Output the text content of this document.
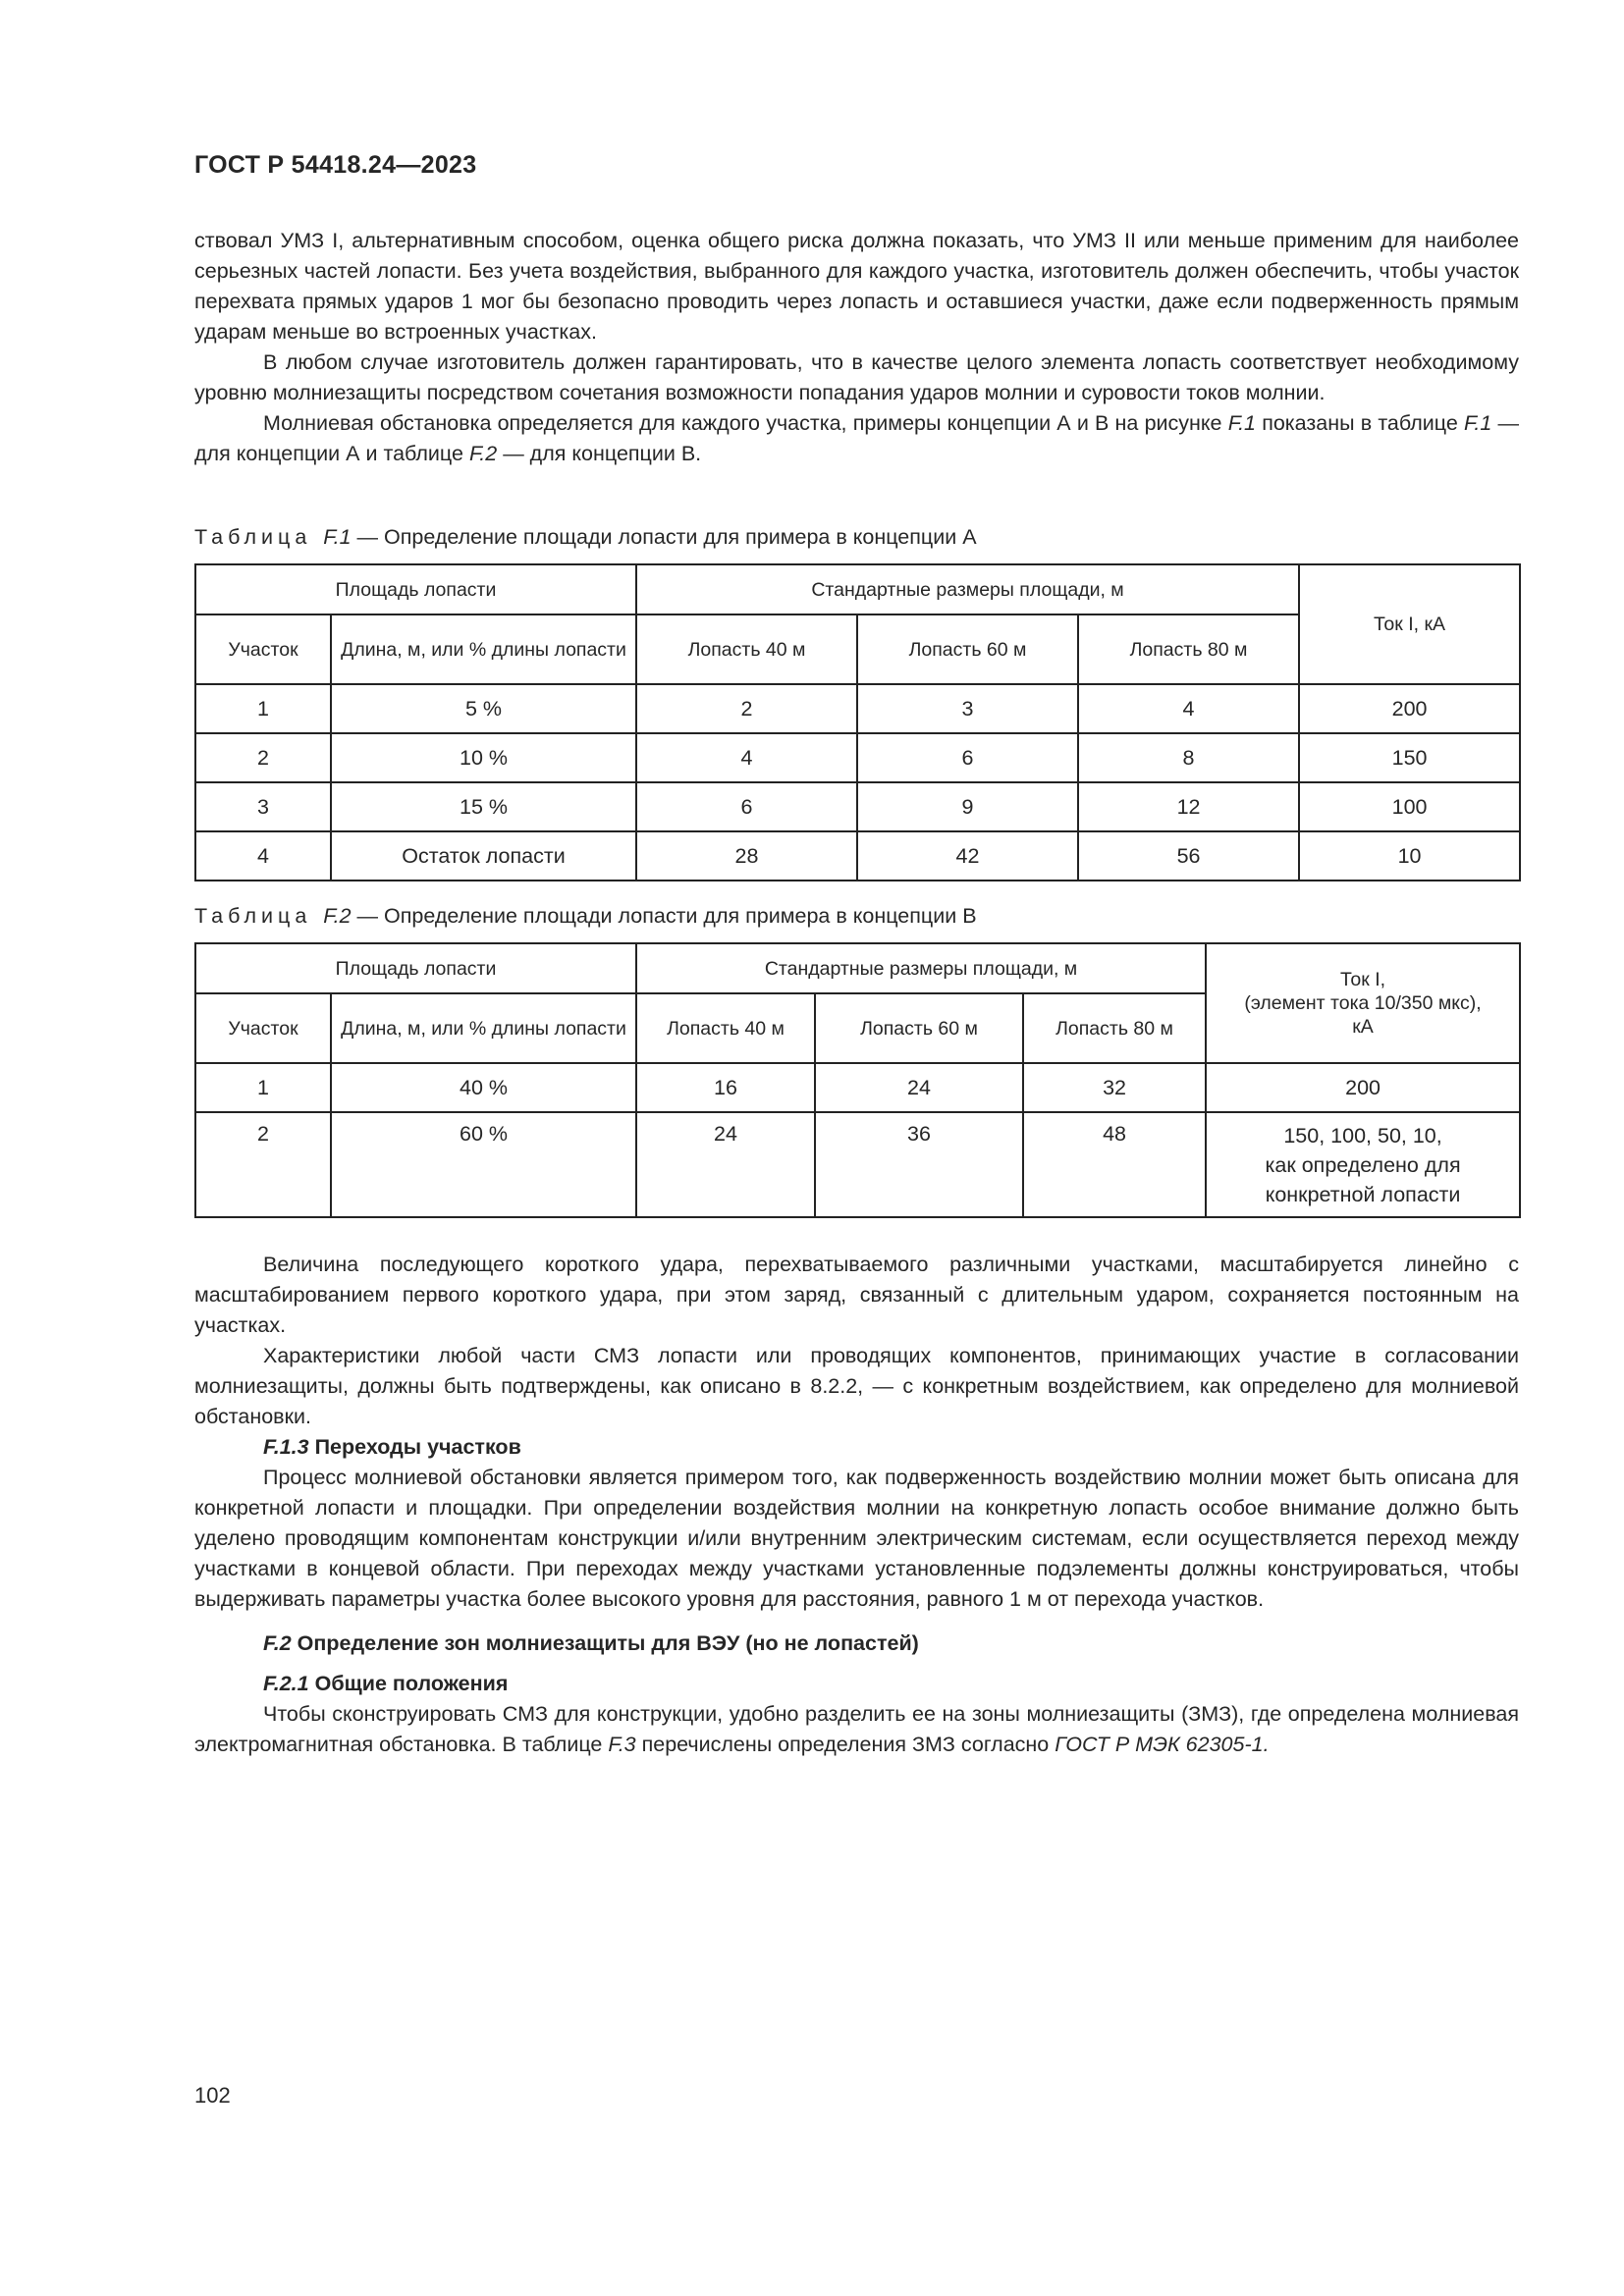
ГОСТ Р 54418.24—2023

ствовал УМЗ I, альтернативным способом, оценка общего риска должна показать, что УМЗ II или меньше применим для наиболее серьезных частей лопасти. Без учета воздействия, выбранного для каждого участка, изготовитель должен обеспечить, чтобы участок перехвата прямых ударов 1 мог бы безопасно проводить через лопасть и оставшиеся участки, даже если подверженность прямым ударам меньше во встроенных участках.

В любом случае изготовитель должен гарантировать, что в качестве целого элемента лопасть соответствует необходимому уровню молниезащиты посредством сочетания возможности попадания ударов молнии и суровости токов молнии.

Молниевая обстановка определяется для каждого участка, примеры концепции А и В на рисунке F.1 показаны в таблице F.1 — для концепции А и таблице F.2 — для концепции В.

Таблица F.1 — Определение площади лопасти для примера в концепции А
Площадь лопасти		Стандартные размеры площади, м			Ток I, кА
Участок	Длина, м, или % длины лопасти	Лопасть 40 м	Лопасть 60 м	Лопасть 80 м	
1	5 %	2	3	4	200
2	10 %	4	6	8	150
3	15 %	6	9	12	100
4	Остаток лопасти	28	42	56	10
Таблица F.2 — Определение площади лопасти для примера в концепции В
Площадь лопасти		Стандартные размеры площади, м			Ток I,
(элемент тока 10/350 мкс),
кА

Участок	Длина, м, или % длины лопасти	Лопасть 40 м	Лопасть 60 м	Лопасть 80 м	
1	40 %	16	24	32	200
2	60 %	24	36	48	150, 100, 50, 10,
как определено для
конкретной лопасти

Величина последующего короткого удара, перехватываемого различными участками, масштабируется линейно с масштабированием первого короткого удара, при этом заряд, связанный с длительным ударом, сохраняется постоянным на участках.

Характеристики любой части СМЗ лопасти или проводящих компонентов, принимающих участие в согласовании молниезащиты, должны быть подтверждены, как описано в 8.2.2, — с конкретным воздействием, как определено для молниевой обстановки.

F.1.3 Переходы участков

Процесс молниевой обстановки является примером того, как подверженность воздействию молнии может быть описана для конкретной лопасти и площадки. При определении воздействия молнии на конкретную лопасть особое внимание должно быть уделено проводящим компонентам конструкции и/или внутренним электрическим системам, если осуществляется переход между участками в концевой области. При переходах между участками установленные подэлементы должны конструироваться, чтобы выдерживать параметры участка более высокого уровня для расстояния, равного 1 м от перехода участков.

F.2 Определение зон молниезащиты для ВЭУ (но не лопастей)

F.2.1 Общие положения

Чтобы сконструировать СМЗ для конструкции, удобно разделить ее на зоны молниезащиты (ЗМЗ), где определена молниевая электромагнитная обстановка. В таблице F.3 перечислены определения ЗМЗ согласно ГОСТ Р МЭК 62305-1.

102
